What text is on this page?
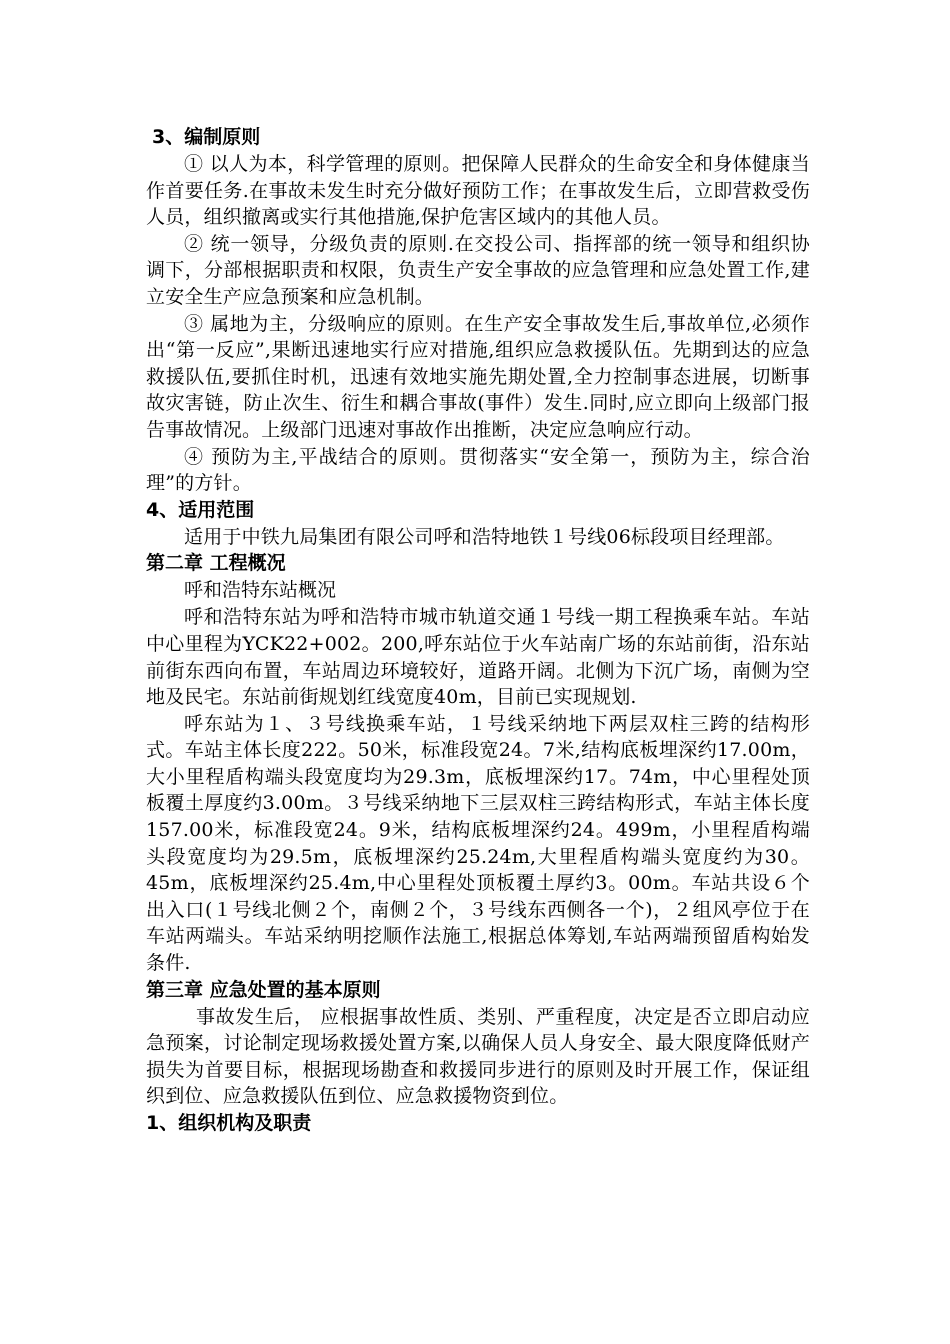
3、编制原则

① 以人为本，科学管理的原则。把保障人民群众的生命安全和身体健康当作首要任务.在事故未发生时充分做好预防工作；在事故发生后，立即营救受伤人员，组织撤离或实行其他措施,保护危害区域内的其他人员。

② 统一领导，分级负责的原则.在交投公司、指挥部的统一领导和组织协调下，分部根据职责和权限，负责生产安全事故的应急管理和应急处置工作,建立安全生产应急预案和应急机制。

③ 属地为主，分级响应的原则。在生产安全事故发生后,事故单位,必须作出“第一反应”,果断迅速地实行应对措施,组织应急救援队伍。先期到达的应急救援队伍,要抓住时机，迅速有效地实施先期处置,全力控制事态进展，切断事故灾害链，防止次生、衍生和耦合事故(事件）发生.同时,应立即向上级部门报告事故情况。上级部门迅速对事故作出推断，决定应急响应行动。

④ 预防为主,平战结合的原则。贯彻落实“安全第一，预防为主，综合治理”的方针。

4、适用范围

适用于中铁九局集团有限公司呼和浩特地铁１号线06标段项目经理部。

第二章 工程概况

呼和浩特东站概况

呼和浩特东站为呼和浩特市城市轨道交通１号线一期工程换乘车站。车站中心里程为YCK22+002。200,呼东站位于火车站南广场的东站前街，沿东站前街东西向布置，车站周边环境较好，道路开阔。北侧为下沉广场，南侧为空地及民宅。东站前街规划红线宽度40m，目前已实现规划.

呼东站为１、３号线换乘车站，１号线采纳地下两层双柱三跨的结构形式。车站主体长度222。50米，标准段宽24。7米,结构底板埋深约17.00m，大小里程盾构端头段宽度均为29.3m，底板埋深约17。74m，中心里程处顶板覆土厚度约3.00m。３号线采纳地下三层双柱三跨结构形式，车站主体长度157.00米，标准段宽24。9米，结构底板埋深约24。499m，小里程盾构端头段宽度均为29.5m，底板埋深约25.24m,大里程盾构端头宽度约为30。45m，底板埋深约25.4m,中心里程处顶板覆土厚约3。00m。车站共设６个出入口(１号线北侧２个，南侧２个，３号线东西侧各一个)，２组风亭位于在车站两端头。车站采纳明挖顺作法施工,根据总体筹划,车站两端预留盾构始发条件.

第三章 应急处置的基本原则

事故发生后， 应根据事故性质、类别、严重程度，决定是否立即启动应急预案，讨论制定现场救援处置方案,以确保人员人身安全、最大限度降低财产损失为首要目标，根据现场勘查和救援同步进行的原则及时开展工作，保证组织到位、应急救援队伍到位、应急救援物资到位。

1、组织机构及职责
